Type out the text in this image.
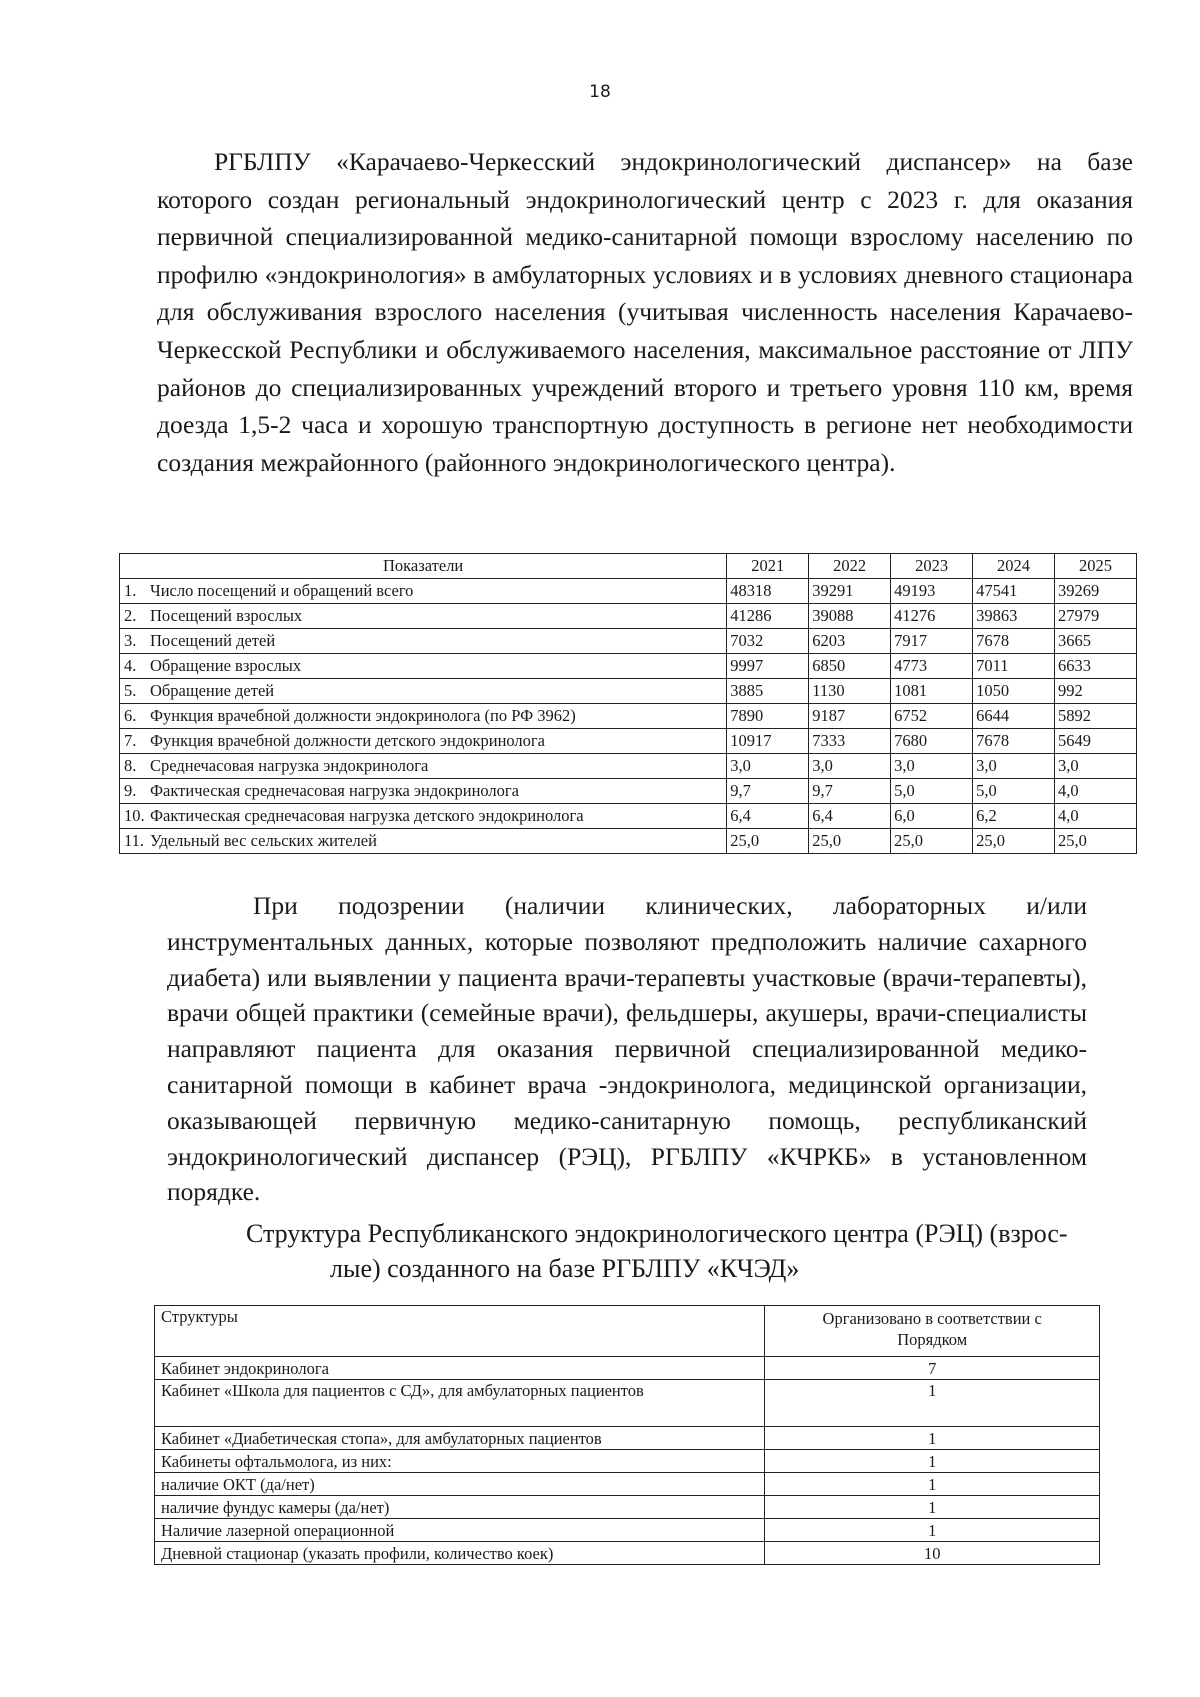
18

РГБЛПУ «Карачаево-Черкесский эндокринологический диспансер» на базе которого создан региональный эндокринологический центр с 2023 г. для оказания первичной специализированной медико-санитарной помощи взрослому населению по профилю «эндокринология» в амбулаторных условиях и в условиях дневного стационара для обслуживания взрослого населения (учитывая численность населения Карачаево-Черкесской Республики и обслуживаемого населения, максимальное расстояние от ЛПУ районов до специализированных учреждений второго и третьего уровня 110 км, время доезда 1,5-2 часа и хорошую транспортную доступность в регионе нет необходимости создания межрайонного (районного эндокринологического центра).

Показатели	2021	2022	2023	2024	2025
1. Число посещений и обращений всего	48318	39291	49193	47541	39269
2. Посещений взрослых	41286	39088	41276	39863	27979
3. Посещений детей	7032	6203	7917	7678	3665
4. Обращение взрослых	9997	6850	4773	7011	6633
5. Обращение детей	3885	1130	1081	1050	992
6. Функция врачебной должности эндокринолога (по РФ 3962)	7890	9187	6752	6644	5892
7. Функция врачебной должности детского эндокринолога	10917	7333	7680	7678	5649
8. Среднечасовая нагрузка эндокринолога	3,0	3,0	3,0	3,0	3,0
9. Фактическая среднечасовая нагрузка эндокринолога	9,7	9,7	5,0	5,0	4,0
10. Фактическая среднечасовая нагрузка детского эндокринолога	6,4	6,4	6,0	6,2	4,0
11. Удельный вес сельских жителей	25,0	25,0	25,0	25,0	25,0

При подозрении (наличии клинических, лабораторных и/или инструментальных данных, которые позволяют предположить наличие сахарного диабета) или выявлении у пациента врачи-терапевты участковые (врачи-терапевты), врачи общей практики (семейные врачи), фельдшеры, акушеры, врачи-специалисты направляют пациента для оказания первичной специализированной медико-санитарной помощи в кабинет врача -эндокринолога, медицинской организации, оказывающей первичную медико-санитарную помощь, республиканский эндокринологический диспансер (РЭЦ), РГБЛПУ «КЧРКБ» в установленном порядке.

Структура Республиканского эндокринологического центра (РЭЦ) (взрос-
лые) созданного на базе РГБЛПУ «КЧЭД»

Структуры	Организовано в соответствии с Порядком
Кабинет эндокринолога	7
Кабинет «Школа для пациентов с СД», для амбулаторных пациентов	1
Кабинет «Диабетическая стопа», для амбулаторных пациентов	1
Кабинеты офтальмолога, из них:	1
наличие ОКТ (да/нет)	1
наличие фундус камеры (да/нет)	1
Наличие лазерной операционной	1
Дневной стационар (указать профили, количество коек)	10
